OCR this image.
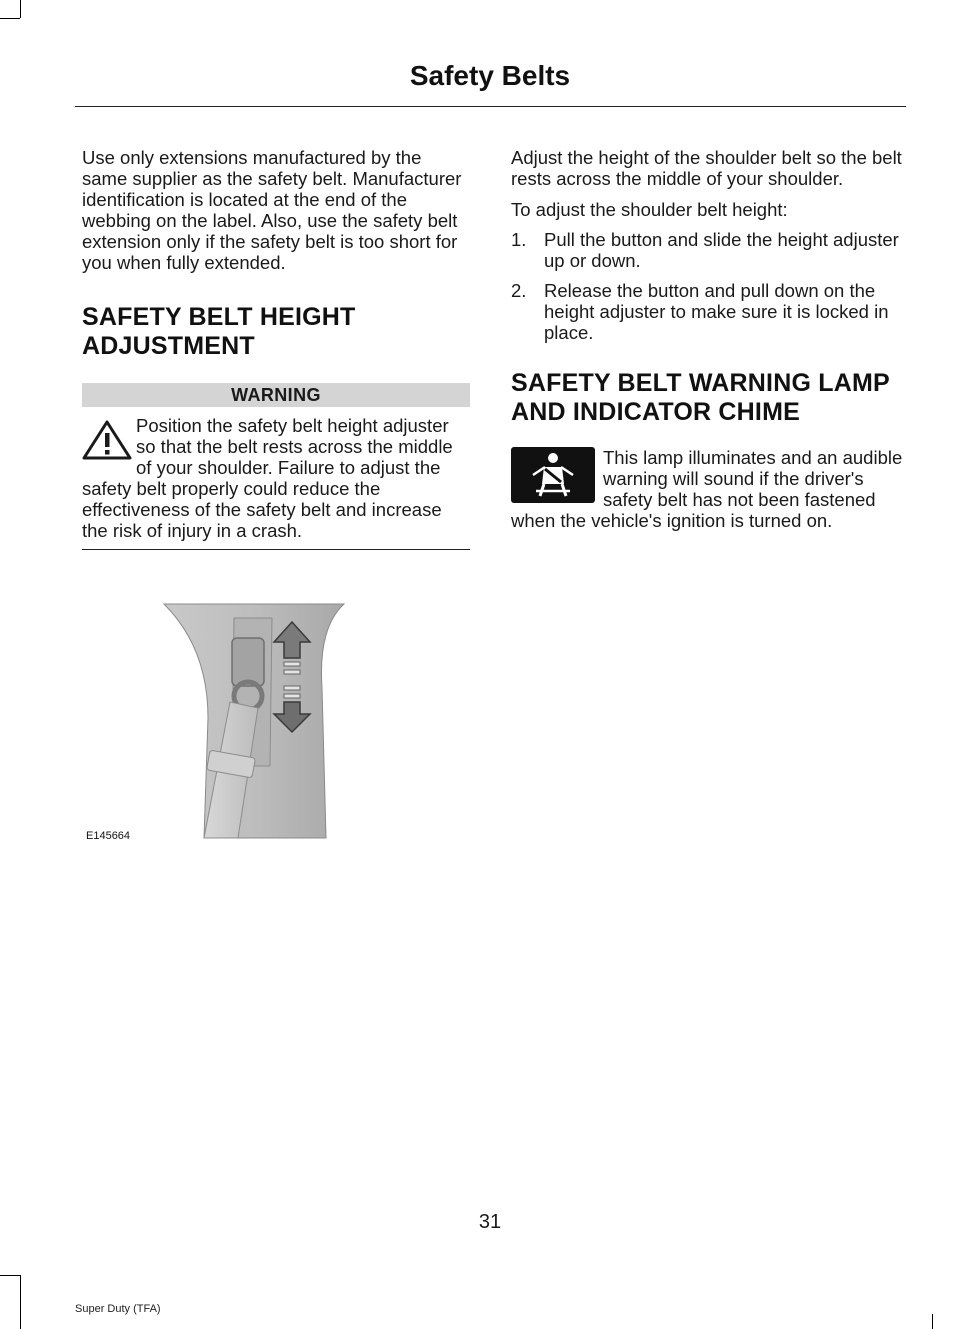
Safety Belts

Use only extensions manufactured by the same supplier as the safety belt. Manufacturer identification is located at the end of the webbing on the label. Also, use the safety belt extension only if the safety belt is too short for you when fully extended.

SAFETY BELT HEIGHT ADJUSTMENT
WARNING

Position the safety belt height adjuster so that the belt rests across the middle of your shoulder. Failure to adjust the safety belt properly could reduce the effectiveness of the safety belt and increase the risk of injury in a crash.

E145664

Adjust the height of the shoulder belt so the belt rests across the middle of your shoulder.

To adjust the shoulder belt height:

1. Pull the button and slide the height adjuster up or down.
2. Release the button and pull down on the height adjuster to make sure it is locked in place.
SAFETY BELT WARNING LAMP AND INDICATOR CHIME

This lamp illuminates and an audible warning will sound if the driver's safety belt has not been fastened when the vehicle's ignition is turned on.

31
Super Duty (TFA)
